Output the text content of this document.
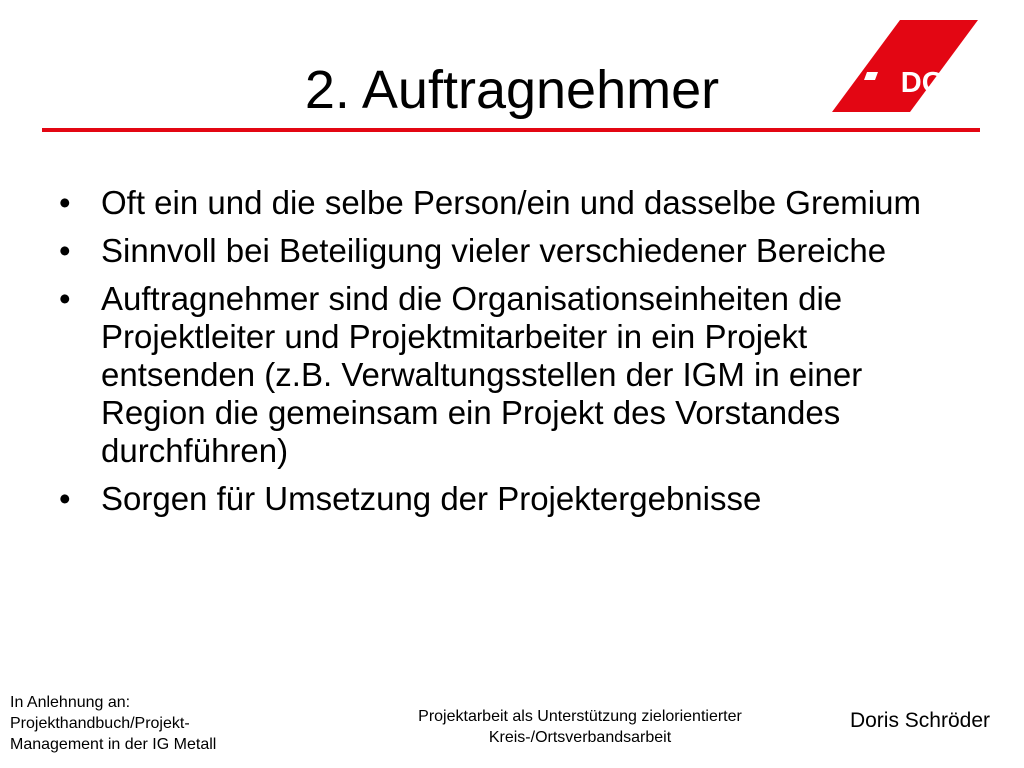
2. Auftragnehmer	DGB
• Oft ein und die selbe Person/ein und dasselbe Gremium
• Sinnvoll bei Beteiligung vieler verschiedener Bereiche
• Auftragnehmer sind die Organisationseinheiten die Projektleiter und Projektmitarbeiter in ein Projekt entsenden (z.B. Verwaltungsstellen der IGM in einer Region die gemeinsam ein Projekt des Vorstandes durchführen)
• Sorgen für Umsetzung der Projektergebnisse
In Anlehnung an:
Projekthandbuch/Projekt-
Management in der IG Metall
Projektarbeit als Unterstützung zielorientierter
Kreis-/Ortsverbandsarbeit
Doris Schröder
